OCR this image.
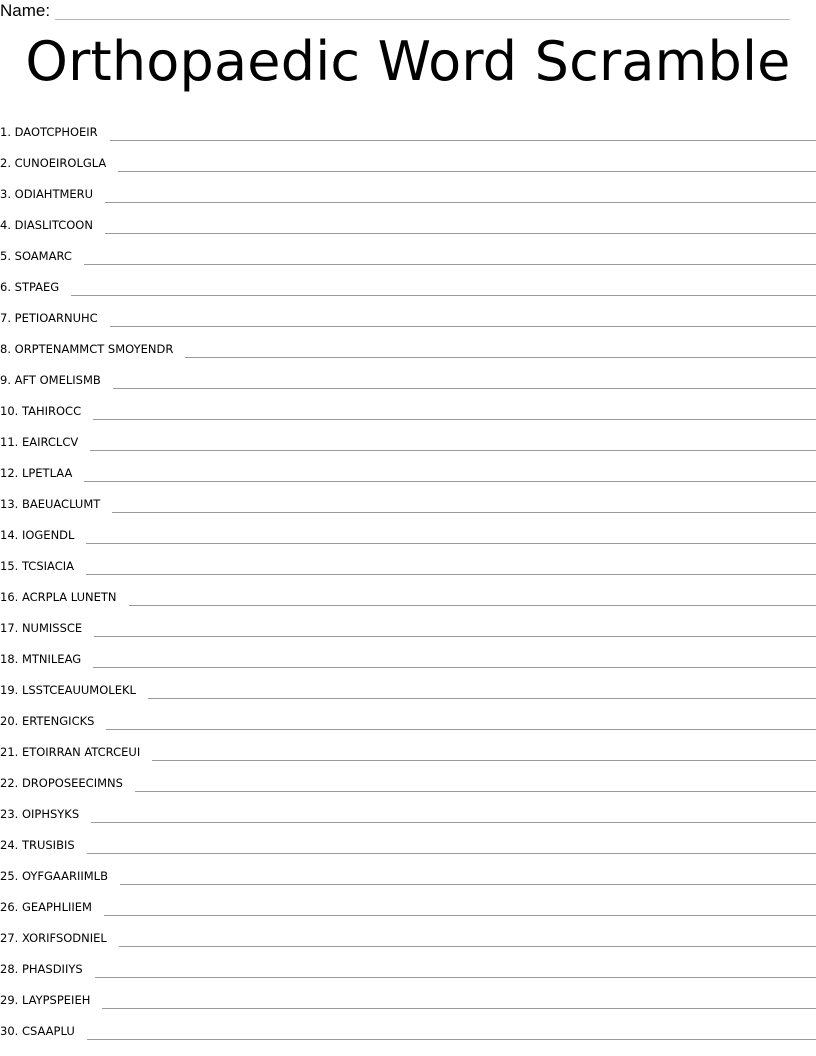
Name:
Orthopaedic Word Scramble
1. DAOTCPHOEIR
2. CUNOEIROLGLA
3. ODIAHTMERU
4. DIASLITCOON
5. SOAMARC
6. STPAEG
7. PETIOARNUHC
8. ORPTENAMMCT SMOYENDR
9. AFT OMELISMB
10. TAHIROCC
11. EAIRCLCV
12. LPETLAA
13. BAEUACLUMT
14. IOGENDL
15. TCSIACIA
16. ACRPLA LUNETN
17. NUMISSCE
18. MTNILEAG
19. LSSTCEAUUMOLEKL
20. ERTENGICKS
21. ETOIRRAN ATCRCEUI
22. DROPOSEECIMNS
23. OIPHSYKS
24. TRUSIBIS
25. OYFGAARIIMLB
26. GEAPHLIIEM
27. XORIFSODNIEL
28. PHASDIIYS
29. LAYPSPEIEH
30. CSAAPLU
